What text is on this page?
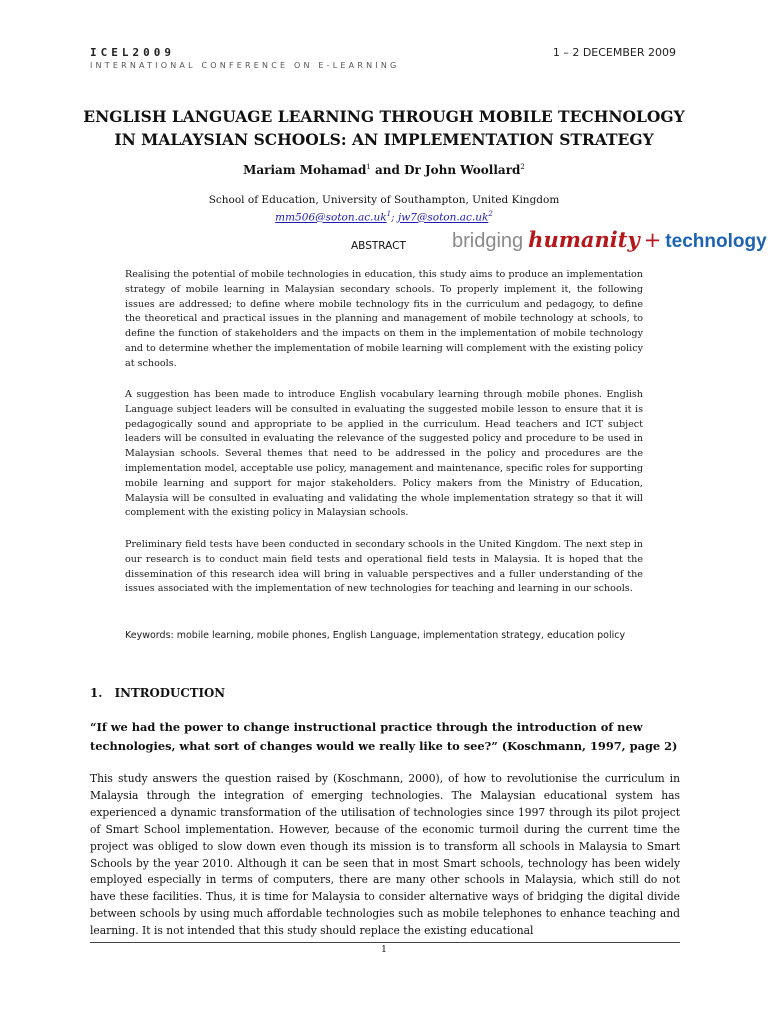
ICEL2009
INTERNATIONAL CONFERENCE ON E-LEARNING
1 – 2 DECEMBER 2009
ENGLISH LANGUAGE LEARNING THROUGH MOBILE TECHNOLOGY
IN MALAYSIAN SCHOOLS: AN IMPLEMENTATION STRATEGY
Mariam Mohamad$^1$ and Dr John Woollard$^2$
School of Education, University of Southampton, United Kingdom
$mm506@soton.ac.uk^1$; $jw7@soton.ac.uk^2$
ABSTRACT bridging humanity + technology
Realising the potential of mobile technologies in education, this study aims to produce an implementation strategy of mobile learning in Malaysian secondary schools. To properly implement it, the following issues are addressed; to define where mobile technology fits in the curriculum and pedagogy, to define the theoretical and practical issues in the planning and management of mobile technology at schools, to define the function of stakeholders and the impacts on them in the implementation of mobile technology and to determine whether the implementation of mobile learning will complement with the existing policy at schools.
A suggestion has been made to introduce English vocabulary learning through mobile phones. English Language subject leaders will be consulted in evaluating the suggested mobile lesson to ensure that it is pedagogically sound and appropriate to be applied in the curriculum. Head teachers and ICT subject leaders will be consulted in evaluating the relevance of the suggested policy and procedure to be used in Malaysian schools. Several themes that need to be addressed in the policy and procedures are the implementation model, acceptable use policy, management and maintenance, specific roles for supporting mobile learning and support for major stakeholders. Policy makers from the Ministry of Education, Malaysia will be consulted in evaluating and validating the whole implementation strategy so that it will complement with the existing policy in Malaysian schools.
Preliminary field tests have been conducted in secondary schools in the United Kingdom. The next step in our research is to conduct main field tests and operational field tests in Malaysia. It is hoped that the dissemination of this research idea will bring in valuable perspectives and a fuller understanding of the issues associated with the implementation of new technologies for teaching and learning in our schools.
Keywords: mobile learning, mobile phones, English Language, implementation strategy, education policy
1.   INTRODUCTION
“If we had the power to change instructional practice through the introduction of new technologies, what sort of changes would we really like to see?” (Koschmann, 1997, page 2)
This study answers the question raised by (Koschmann, 2000), of how to revolutionise the curriculum in Malaysia through the integration of emerging technologies. The Malaysian educational system has experienced a dynamic transformation of the utilisation of technologies since 1997 through its pilot project of Smart School implementation. However, because of the economic turmoil during the current time the project was obliged to slow down even though its mission is to transform all schools in Malaysia to Smart Schools by the year 2010. Although it can be seen that in most Smart schools, technology has been widely employed especially in terms of computers, there are many other schools in Malaysia, which still do not have these facilities. Thus, it is time for Malaysia to consider alternative ways of bridging the digital divide between schools by using much affordable technologies such as mobile telephones to enhance teaching and learning. It is not intended that this study should replace the existing educational
1
